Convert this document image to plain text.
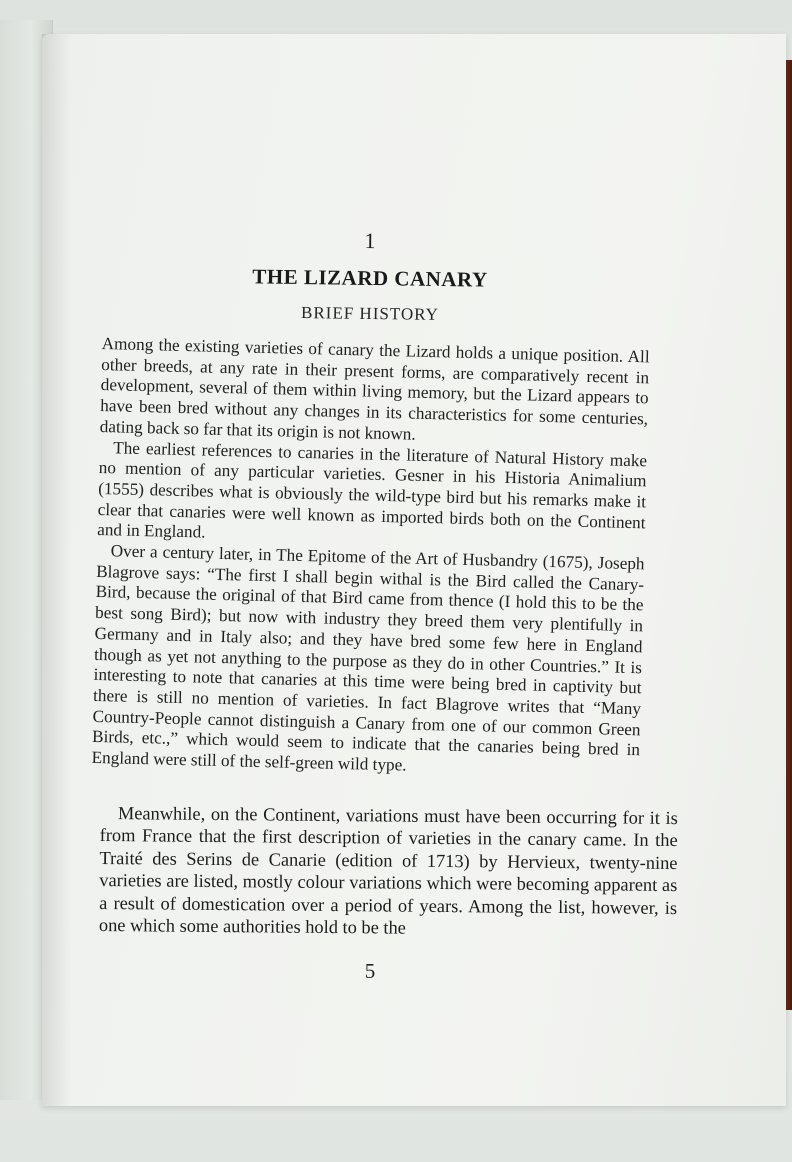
1
THE LIZARD CANARY
BRIEF HISTORY

Among the existing varieties of canary the Lizard holds a unique position. All other breeds, at any rate in their present forms, are comparatively recent in development, several of them within living memory, but the Lizard appears to have been bred without any changes in its characteristics for some centuries, dating back so far that its origin is not known.

The earliest references to canaries in the literature of Natural History make no mention of any particular varieties. Gesner in his Historia Animalium (1555) describes what is obviously the wild-type bird but his remarks make it clear that canaries were well known as imported birds both on the Continent and in England.

Over a century later, in The Epitome of the Art of Husbandry (1675), Joseph Blagrove says: “The first I shall begin withal is the Bird called the Canary-Bird, because the original of that Bird came from thence (I hold this to be the best song Bird); but now with industry they breed them very plentifully in Germany and in Italy also; and they have bred some few here in England though as yet not anything to the purpose as they do in other Countries.” It is interesting to note that canaries at this time were being bred in captivity but there is still no mention of varieties. In fact Blagrove writes that “Many Country-People cannot distinguish a Canary from one of our common Green Birds, etc.,” which would seem to indicate that the canaries being bred in England were still of the self-green wild type.

Meanwhile, on the Continent, variations must have been occurring for it is from France that the first description of varieties in the canary came. In the Traité des Serins de Canarie (edition of 1713) by Hervieux, twenty-nine varieties are listed, mostly colour variations which were becoming apparent as a result of domestication over a period of years. Among the list, however, is one which some authorities hold to be the

5
